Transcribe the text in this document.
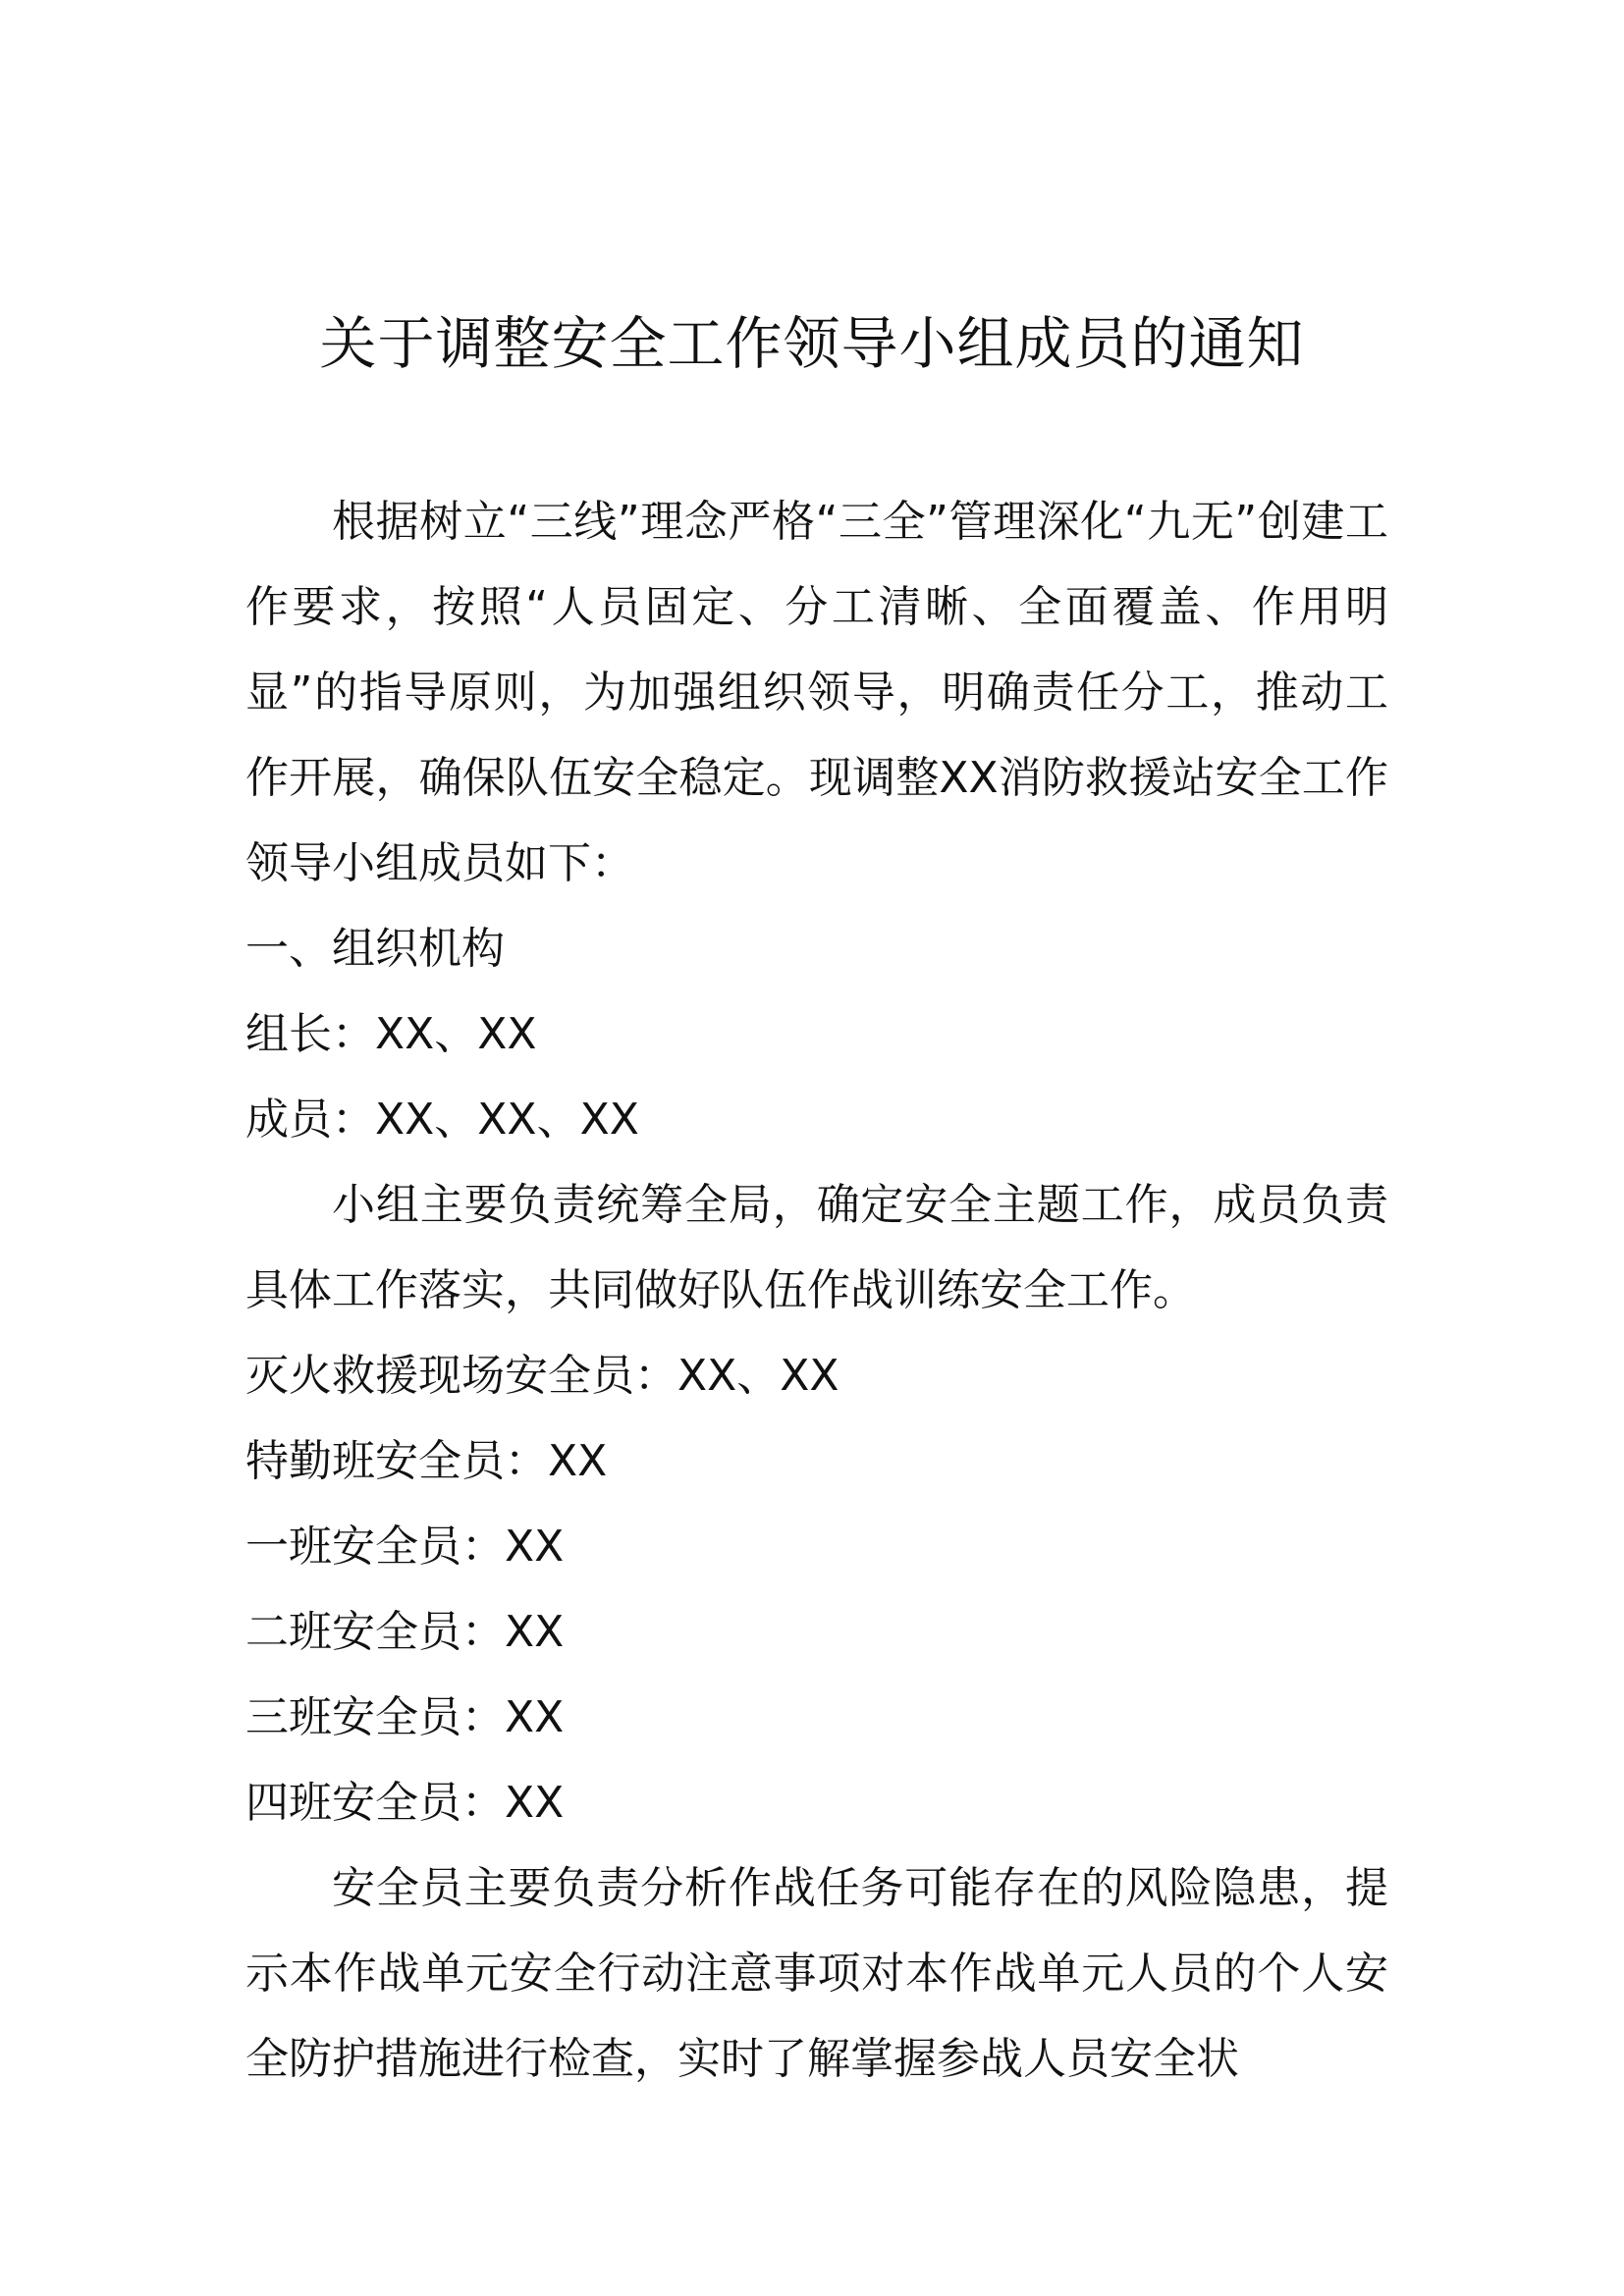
关于调整安全工作领导小组成员的通知

根据树立“三线”理念严格“三全”管理深化“九无”创建工作要求，按照“人员固定、分工清晰、全面覆盖、作用明显”的指导原则，为加强组织领导，明确责任分工，推动工作开展，确保队伍安全稳定。现调整XX消防救援站安全工作领导小组成员如下：

一、组织机构

组长：XX、XX

成员：XX、XX、XX

小组主要负责统筹全局，确定安全主题工作，成员负责具体工作落实，共同做好队伍作战训练安全工作。

灭火救援现场安全员：XX、XX

特勤班安全员：XX

一班安全员：XX

二班安全员：XX

三班安全员：XX

四班安全员：XX

安全员主要负责分析作战任务可能存在的风险隐患，提示本作战单元安全行动注意事项对本作战单元人员的个人安全防护措施进行检查，实时了解掌握参战人员安全状
